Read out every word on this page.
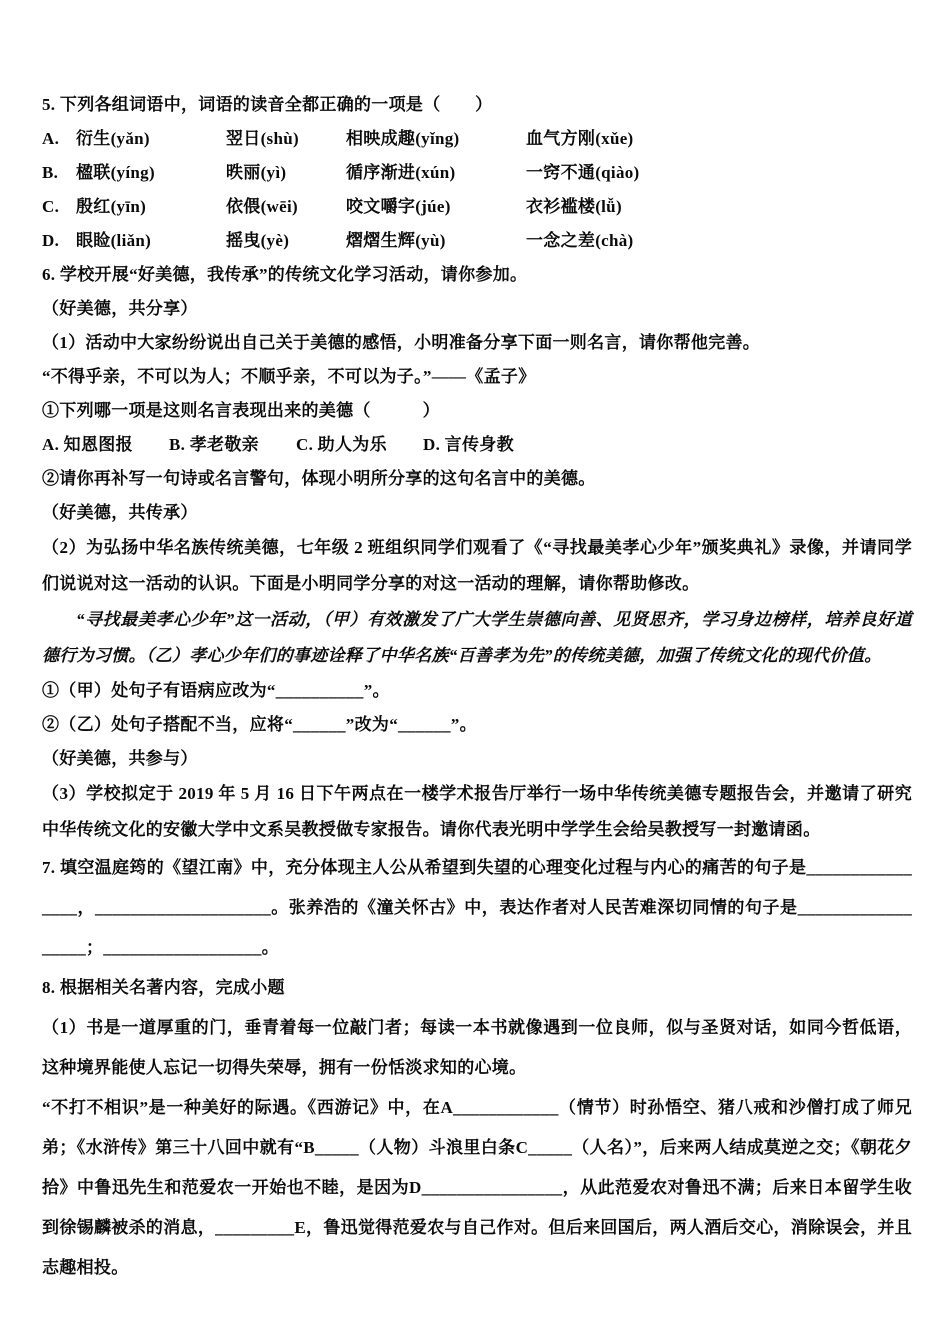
5. 下列各组词语中，词语的读音全都正确的一项是（　　）

A. 衍生(yǎn)	翌日(shù)	相映成趣(yǐng)	血气方刚(xǔe)

B.	楹联(yíng)	昳丽(yì)	循序渐进(xún)	一窍不通(qiào)

C. 殷红(yīn)	依偎(wēi)	咬文嚼字(júe)	衣衫褴楼(lǚ)

D. 眼睑(liǎn)	摇曳(yè)	熠熠生辉(yù)	一念之差(chà)

6. 学校开展“好美德，我传承”的传统文化学习活动，请你参加。

（好美德，共分享）

（1）活动中大家纷纷说出自己关于美德的感悟，小明准备分享下面一则名言，请你帮他完善。

“不得乎亲，不可以为人；不顺乎亲，不可以为子。”——《孟子》

①下列哪一项是这则名言表现出来的美德（　　　）

A. 知恩图报	B. 孝老敬亲	C. 助人为乐	D. 言传身教

②请你再补写一句诗或名言警句，体现小明所分享的这句名言中的美德。

（好美德，共传承）

（2）为弘扬中华名族传统美德，七年级 2 班组织同学们观看了《“寻找最美孝心少年”颁奖典礼》录像，并请同学们说说对这一活动的认识。下面是小明同学分享的对这一活动的理解，请你帮助修改。

“寻找最美孝心少年”这一活动，（甲）有效激发了广大学生崇德向善、见贤思齐，学习身边榜样，培养良好道德行为习惯。（乙）孝心少年们的事迹诠释了中华名族“百善孝为先”的传统美德，加强了传统文化的现代价值。

①（甲）处句子有语病应改为“__________”。

②（乙）处句子搭配不当，应将“______”改为“______”。

（好美德，共参与）

（3）学校拟定于 2019 年 5 月 16 日下午两点在一楼学术报告厅举行一场中华传统美德专题报告会，并邀请了研究中华传统文化的安徽大学中文系吴教授做专家报告。请你代表光明中学学生会给吴教授写一封邀请函。

7. 填空温庭筠的《望江南》中，充分体现主人公从希望到失望的心理变化过程与内心的痛苦的句子是________________，____________________。张养浩的《潼关怀古》中，表达作者对人民苦难深切同情的句子是__________________；__________________。

8. 根据相关名著内容，完成小题

（1）书是一道厚重的门，垂青着每一位敲门者；每读一本书就像遇到一位良师，似与圣贤对话，如同今哲低语，这种境界能使人忘记一切得失荣辱，拥有一份恬淡求知的心境。

“不打不相识”是一种美好的际遇。《西游记》中，在A____________（情节）时孙悟空、猪八戒和沙僧打成了师兄弟；《水浒传》第三十八回中就有“B_____（人物）斗浪里白条C_____（人名）”，后来两人结成莫逆之交；《朝花夕拾》中鲁迅先生和范爱农一开始也不睦，是因为D________________，从此范爱农对鲁迅不满；后来日本留学生收到徐锡麟被杀的消息，_________E，鲁迅觉得范爱农与自己作对。但后来回国后，两人酒后交心，消除误会，并且志趣相投。
